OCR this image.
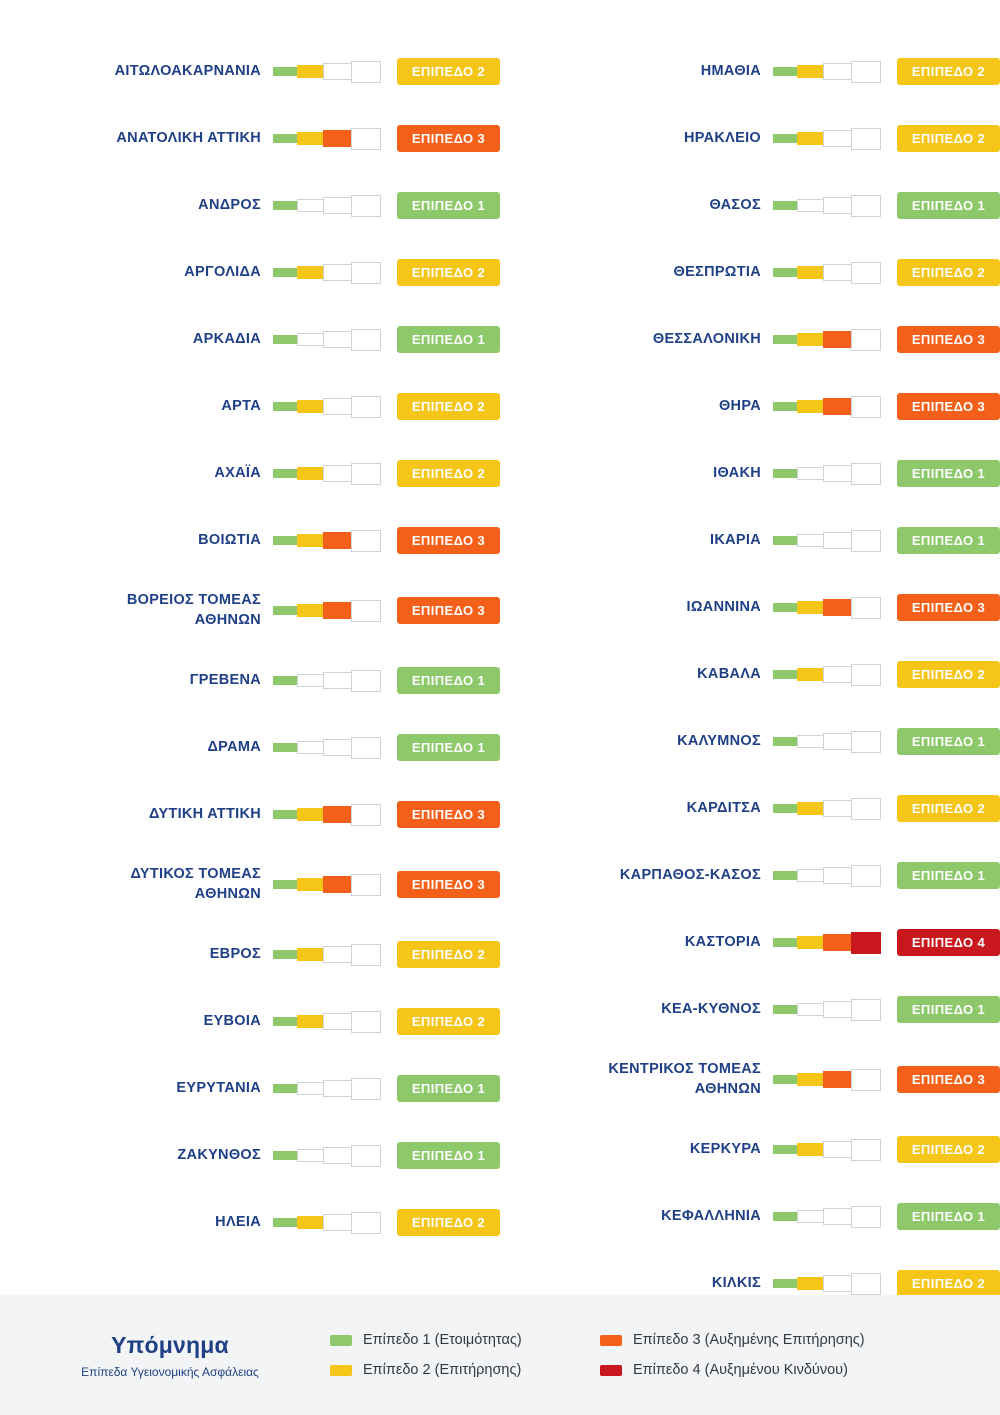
ΑΙΤΩΛΟΑΚΑΡΝΑΝΙΑ	ΕΠΙΠΕΔΟ 2
ΑΝΑΤΟΛΙΚΗ ΑΤΤΙΚΗ	ΕΠΙΠΕΔΟ 3
ΑΝΔΡΟΣ	ΕΠΙΠΕΔΟ 1
ΑΡΓΟΛΙΔΑ	ΕΠΙΠΕΔΟ 2
ΑΡΚΑΔΙΑ	ΕΠΙΠΕΔΟ 1
ΑΡΤΑ	ΕΠΙΠΕΔΟ 2
ΑΧΑΪΑ	ΕΠΙΠΕΔΟ 2
ΒΟΙΩΤΙΑ	ΕΠΙΠΕΔΟ 3
ΒΟΡΕΙΟΣ ΤΟΜΕΑΣ
ΑΘΗΝΩΝ
ΕΠΙΠΕΔΟ 3
ΓΡΕΒΕΝΑ	ΕΠΙΠΕΔΟ 1
ΔΡΑΜΑ	ΕΠΙΠΕΔΟ 1
ΔΥΤΙΚΗ ΑΤΤΙΚΗ	ΕΠΙΠΕΔΟ 3
ΔΥΤΙΚΟΣ ΤΟΜΕΑΣ
ΑΘΗΝΩΝ
ΕΠΙΠΕΔΟ 3
ΕΒΡΟΣ	ΕΠΙΠΕΔΟ 2
ΕΥΒΟΙΑ	ΕΠΙΠΕΔΟ 2
ΕΥΡΥΤΑΝΙΑ	ΕΠΙΠΕΔΟ 1
ΖΑΚΥΝΘΟΣ	ΕΠΙΠΕΔΟ 1
ΗΛΕΙΑ	ΕΠΙΠΕΔΟ 2
ΗΜΑΘΙΑ	ΕΠΙΠΕΔΟ 2
ΗΡΑΚΛΕΙΟ	ΕΠΙΠΕΔΟ 2
ΘΑΣΟΣ	ΕΠΙΠΕΔΟ 1
ΘΕΣΠΡΩΤΙΑ	ΕΠΙΠΕΔΟ 2
ΘΕΣΣΑΛΟΝΙΚΗ	ΕΠΙΠΕΔΟ 3
ΘΗΡΑ	ΕΠΙΠΕΔΟ 3
ΙΘΑΚΗ	ΕΠΙΠΕΔΟ 1
ΙΚΑΡΙΑ	ΕΠΙΠΕΔΟ 1
ΙΩΑΝΝΙΝΑ	ΕΠΙΠΕΔΟ 3
ΚΑΒΑΛΑ	ΕΠΙΠΕΔΟ 2
ΚΑΛΥΜΝΟΣ	ΕΠΙΠΕΔΟ 1
ΚΑΡΔΙΤΣΑ	ΕΠΙΠΕΔΟ 2
ΚΑΡΠΑΘΟΣ-ΚΑΣΟΣ	ΕΠΙΠΕΔΟ 1
ΚΑΣΤΟΡΙΑ	ΕΠΙΠΕΔΟ 4
ΚΕΑ-ΚΥΘΝΟΣ	ΕΠΙΠΕΔΟ 1
ΚΕΝΤΡΙΚΟΣ ΤΟΜΕΑΣ
ΑΘΗΝΩΝ
ΕΠΙΠΕΔΟ 3
ΚΕΡΚΥΡΑ	ΕΠΙΠΕΔΟ 2
ΚΕΦΑΛΛΗΝΙΑ	ΕΠΙΠΕΔΟ 1
ΚΙΛΚΙΣ	ΕΠΙΠΕΔΟ 2
Υπόμνημα
Επίπεδα Υγειονομικής Ασφάλειας
Επίπεδο 1 (Ετοιμότητας)
Επίπεδο 2 (Επιτήρησης)
Επίπεδο 3 (Αυξημένης Επιτήρησης)
Επίπεδο 4 (Αυξημένου Κινδύνου)
